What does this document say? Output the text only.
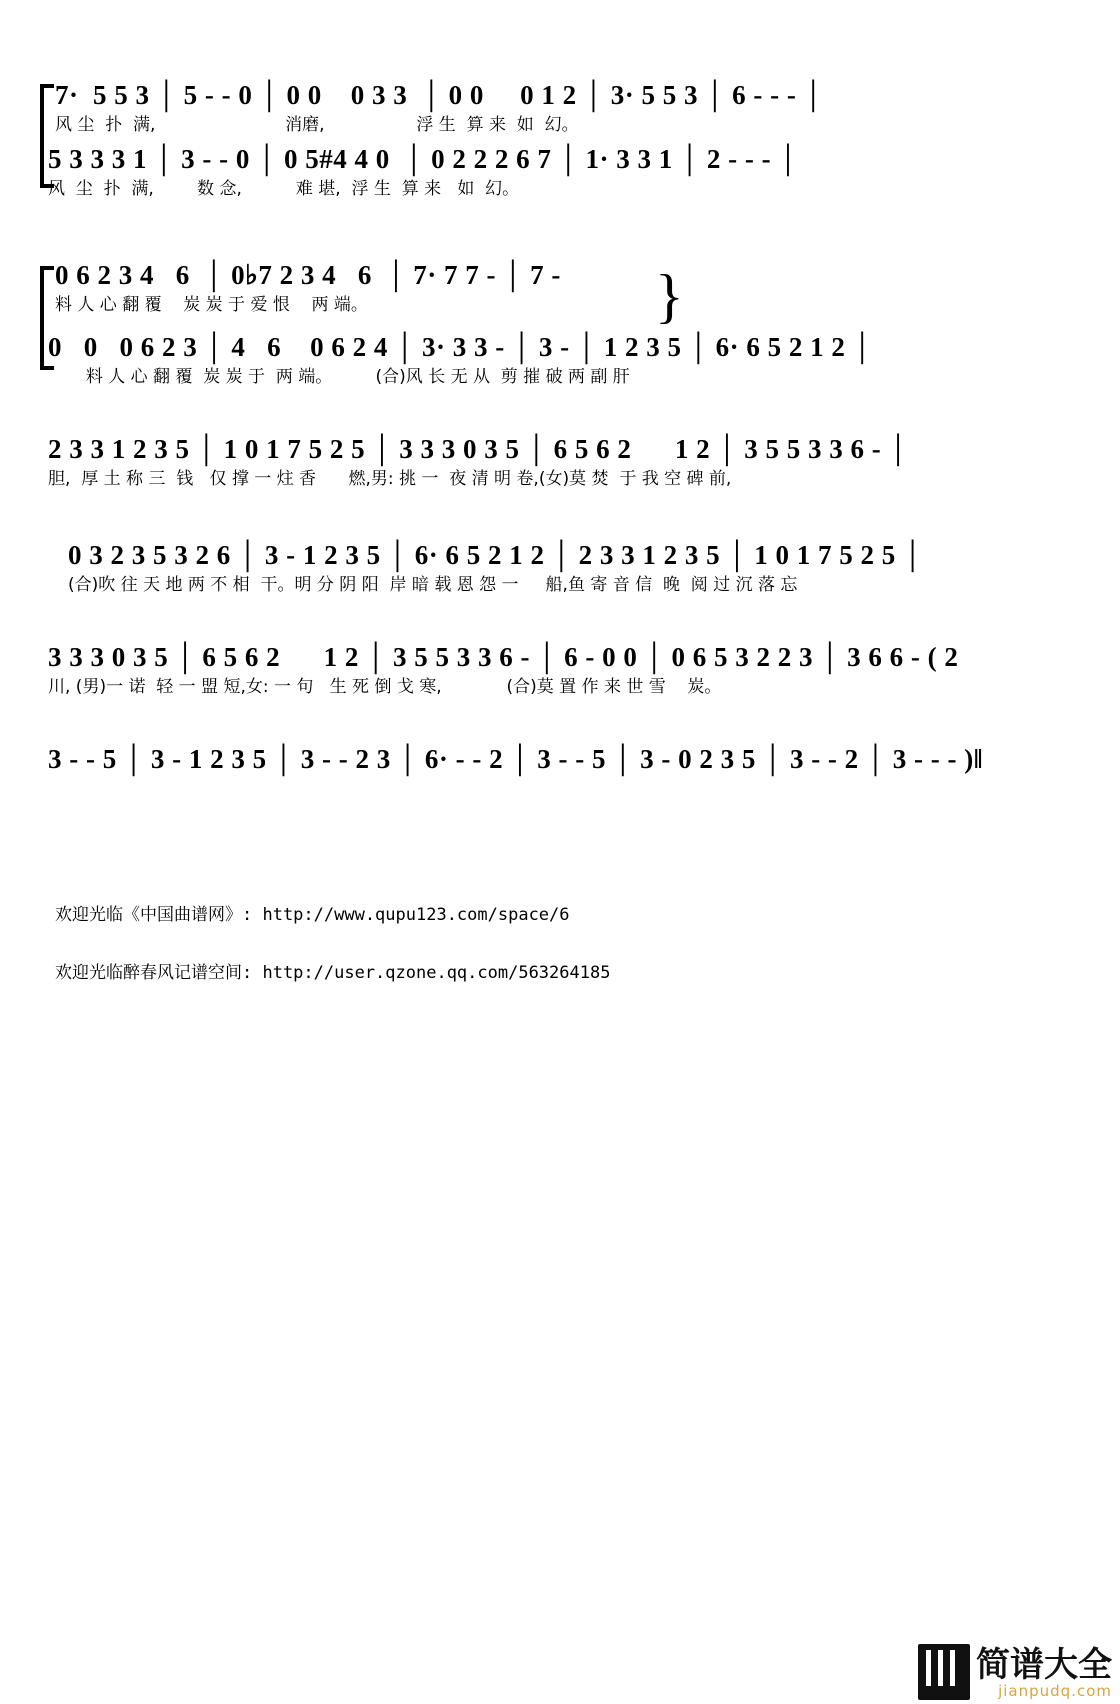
7·  5 5 3 │ 5 - - 0 │ 0 0    0 3 3  │ 0 0     0 1 2 │ 3· 5 5 3 │ 6 - - - │
风 尘  扑  满,                        消磨,                 浮 生  算 来  如  幻。
5 3 3 3 1 │ 3 - - 0 │ 0 5#4 4 0  │ 0 2 2 2 6 7 │ 1· 3 3 1 │ 2 - - - │
风  尘  扑  满,        数 念,          难 堪,  浮 生  算 来   如  幻。
0 6 2 3 4   6  │ 0♭7 2 3 4   6  │ 7· 7 7 - │ 7 -
料 人 心 翻 覆    炭 炭 于 爱 恨    两 端。
0   0   0 6 2 3 │ 4   6    0 6 2 4 │ 3· 3 3 - │ 3 - │ 1 2 3 5 │ 6· 6 5 2 1 2 │
料 人 心 翻 覆  炭 炭 于  两 端。        (合)风 长 无 从  剪 摧 破 两 副 肝
}
2 3 3 1 2 3 5 │ 1 0 1 7 5 2 5 │ 3 3 3 0 3 5 │ 6 5 6 2      1 2 │ 3 5 5 3 3 6 - │
胆,  厚 土 称 三  钱   仅 撑 一 炷 香      燃,男: 挑 一  夜 清 明 卷,(女)莫 焚  于 我 空 碑 前,
0 3 2 3 5 3 2 6 │ 3 - 1 2 3 5 │ 6· 6 5 2 1 2 │ 2 3 3 1 2 3 5 │ 1 0 1 7 5 2 5 │
(合)吹 往 天 地 两 不 相  干。明 分 阴 阳  岸 暗 载 恩 怨 一     船,鱼 寄 音 信  晚  阅 过 沉 落 忘
3 3 3 0 3 5 │ 6 5 6 2      1 2 │ 3 5 5 3 3 6 - │ 6 - 0 0 │ 0 6 5 3 2 2 3 │ 3 6 6 - ( 2
川, (男)一 诺  轻 一 盟 短,女: 一 句   生 死 倒 戈 寒,            (合)莫 置 作 来 世 雪    炭。
3 - - 5 │ 3 - 1 2 3 5 │ 3 - - 2 3 │ 6· - - 2 │ 3 - - 5 │ 3 - 0 2 3 5 │ 3 - - 2 │ 3 - - - )‖
欢迎光临《中国曲谱网》: http://www.qupu123.com/space/6
欢迎光临醉春风记谱空间: http://user.qzone.qq.com/563264185
简谱大全
jianpudq.com
